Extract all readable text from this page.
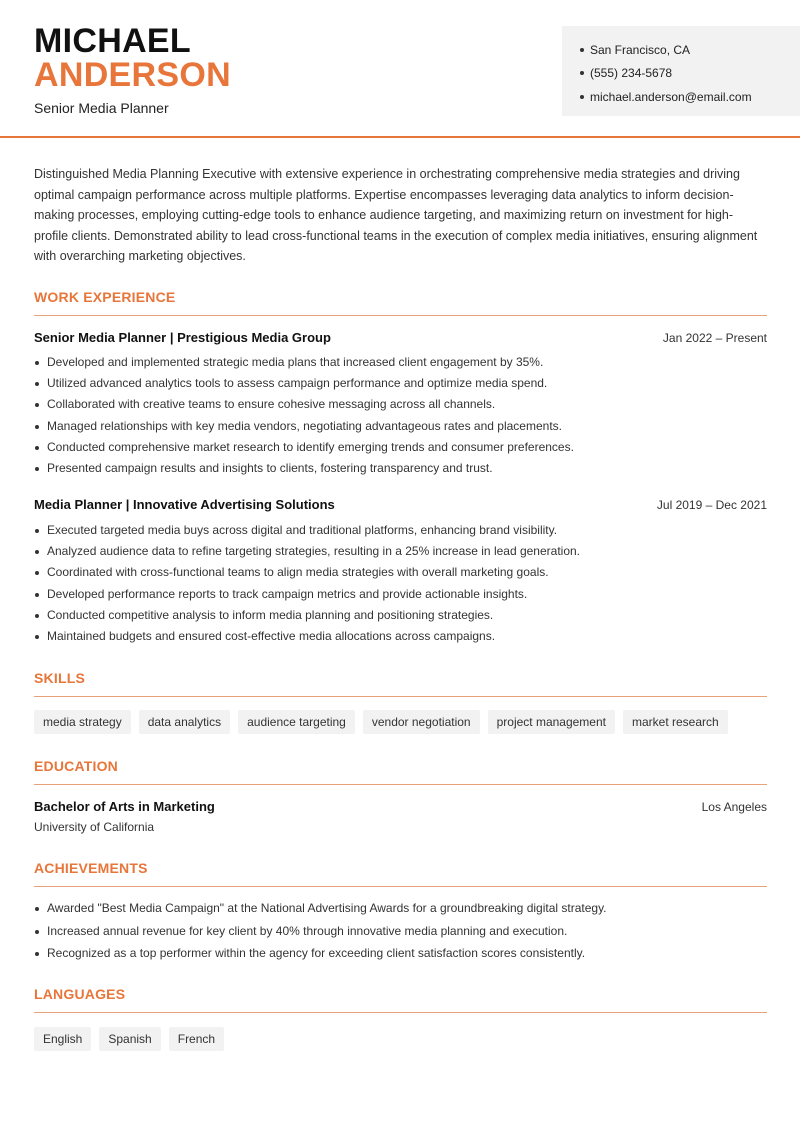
MICHAEL
ANDERSON
Senior Media Planner
San Francisco, CA
(555) 234-5678
michael.anderson@email.com

Distinguished Media Planning Executive with extensive experience in orchestrating comprehensive media strategies and driving optimal campaign performance across multiple platforms. Expertise encompasses leveraging data analytics to inform decision-making processes, employing cutting-edge tools to enhance audience targeting, and maximizing return on investment for high-profile clients. Demonstrated ability to lead cross-functional teams in the execution of complex media initiatives, ensuring alignment with overarching marketing objectives.

WORK EXPERIENCE
Senior Media Planner | Prestigious Media Group	Jan 2022 – Present
Developed and implemented strategic media plans that increased client engagement by 35%.
Utilized advanced analytics tools to assess campaign performance and optimize media spend.
Collaborated with creative teams to ensure cohesive messaging across all channels.
Managed relationships with key media vendors, negotiating advantageous rates and placements.
Conducted comprehensive market research to identify emerging trends and consumer preferences.
Presented campaign results and insights to clients, fostering transparency and trust.
Media Planner | Innovative Advertising Solutions	Jul 2019 – Dec 2021
Executed targeted media buys across digital and traditional platforms, enhancing brand visibility.
Analyzed audience data to refine targeting strategies, resulting in a 25% increase in lead generation.
Coordinated with cross-functional teams to align media strategies with overall marketing goals.
Developed performance reports to track campaign metrics and provide actionable insights.
Conducted competitive analysis to inform media planning and positioning strategies.
Maintained budgets and ensured cost-effective media allocations across campaigns.
SKILLS
media strategy	data analytics	audience targeting	vendor negotiation	project management	market research
EDUCATION
Bachelor of Arts in Marketing	Los Angeles
University of California
ACHIEVEMENTS
Awarded "Best Media Campaign" at the National Advertising Awards for a groundbreaking digital strategy.
Increased annual revenue for key client by 40% through innovative media planning and execution.
Recognized as a top performer within the agency for exceeding client satisfaction scores consistently.
LANGUAGES
English	Spanish	French
